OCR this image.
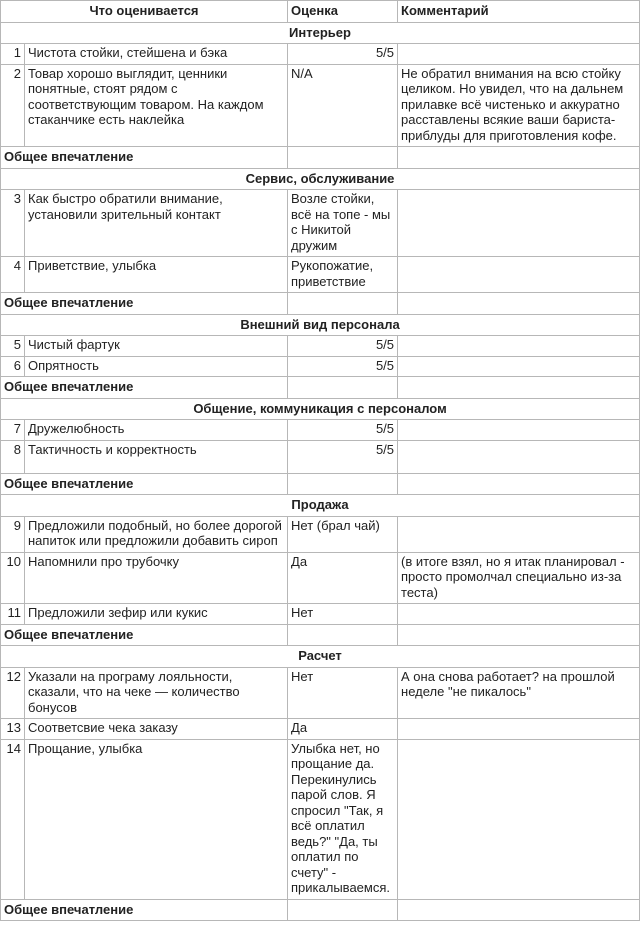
Что оценивается		Оценка	Комментарий
Интерьер			
1	Чистота стойки, стейшена и бэка	5/5	
2	Товар хорошо выглядит, ценники понятные, стоят рядом с соответствующим товаром. На каждом стаканчике есть наклейка	N/A	Не обратил внимания на всю стойку целиком. Но увидел, что на дальнем прилавке всё чистенько и аккуратно расставлены всякие ваши бариста-приблуды для приготовления кофе.
Общее впечатление			
Сервис, обслуживание			
3	Как быстро обратили внимание, установили зрительный контакт	Возле стойки, всё на топе - мы с Никитой дружим	
4	Приветствие, улыбка	Рукопожатие, приветствие	
Общее впечатление			
Внешний вид персонала			
5	Чистый фартук	5/5	
6	Опрятность	5/5	
Общее впечатление			
Общение, коммуникация с персоналом			
7	Дружелюбность	5/5	
8	Тактичность и корректность	5/5	
Общее впечатление			
Продажа			
9	Предложили подобный, но более дорогой напиток или предложили добавить сироп	Нет (брал чай)	
10	Напомнили про трубочку	Да	(в итоге взял, но я итак планировал - просто промолчал специально из-за теста)
11	Предложили зефир или кукис	Нет	
Общее впечатление			
Расчет			
12	Указали на програму лояльности, сказали, что на чеке — количество бонусов	Нет	А она снова работает? на прошлой неделе "не пикалось"
13	Соответсвие чека заказу	Да	
14	Прощание, улыбка	Улыбка нет, но прощание да. Перекинулись парой слов. Я спросил "Так, я всё оплатил ведь?" "Да, ты оплатил по счету" - прикалываемся.	
Общее впечатление			
